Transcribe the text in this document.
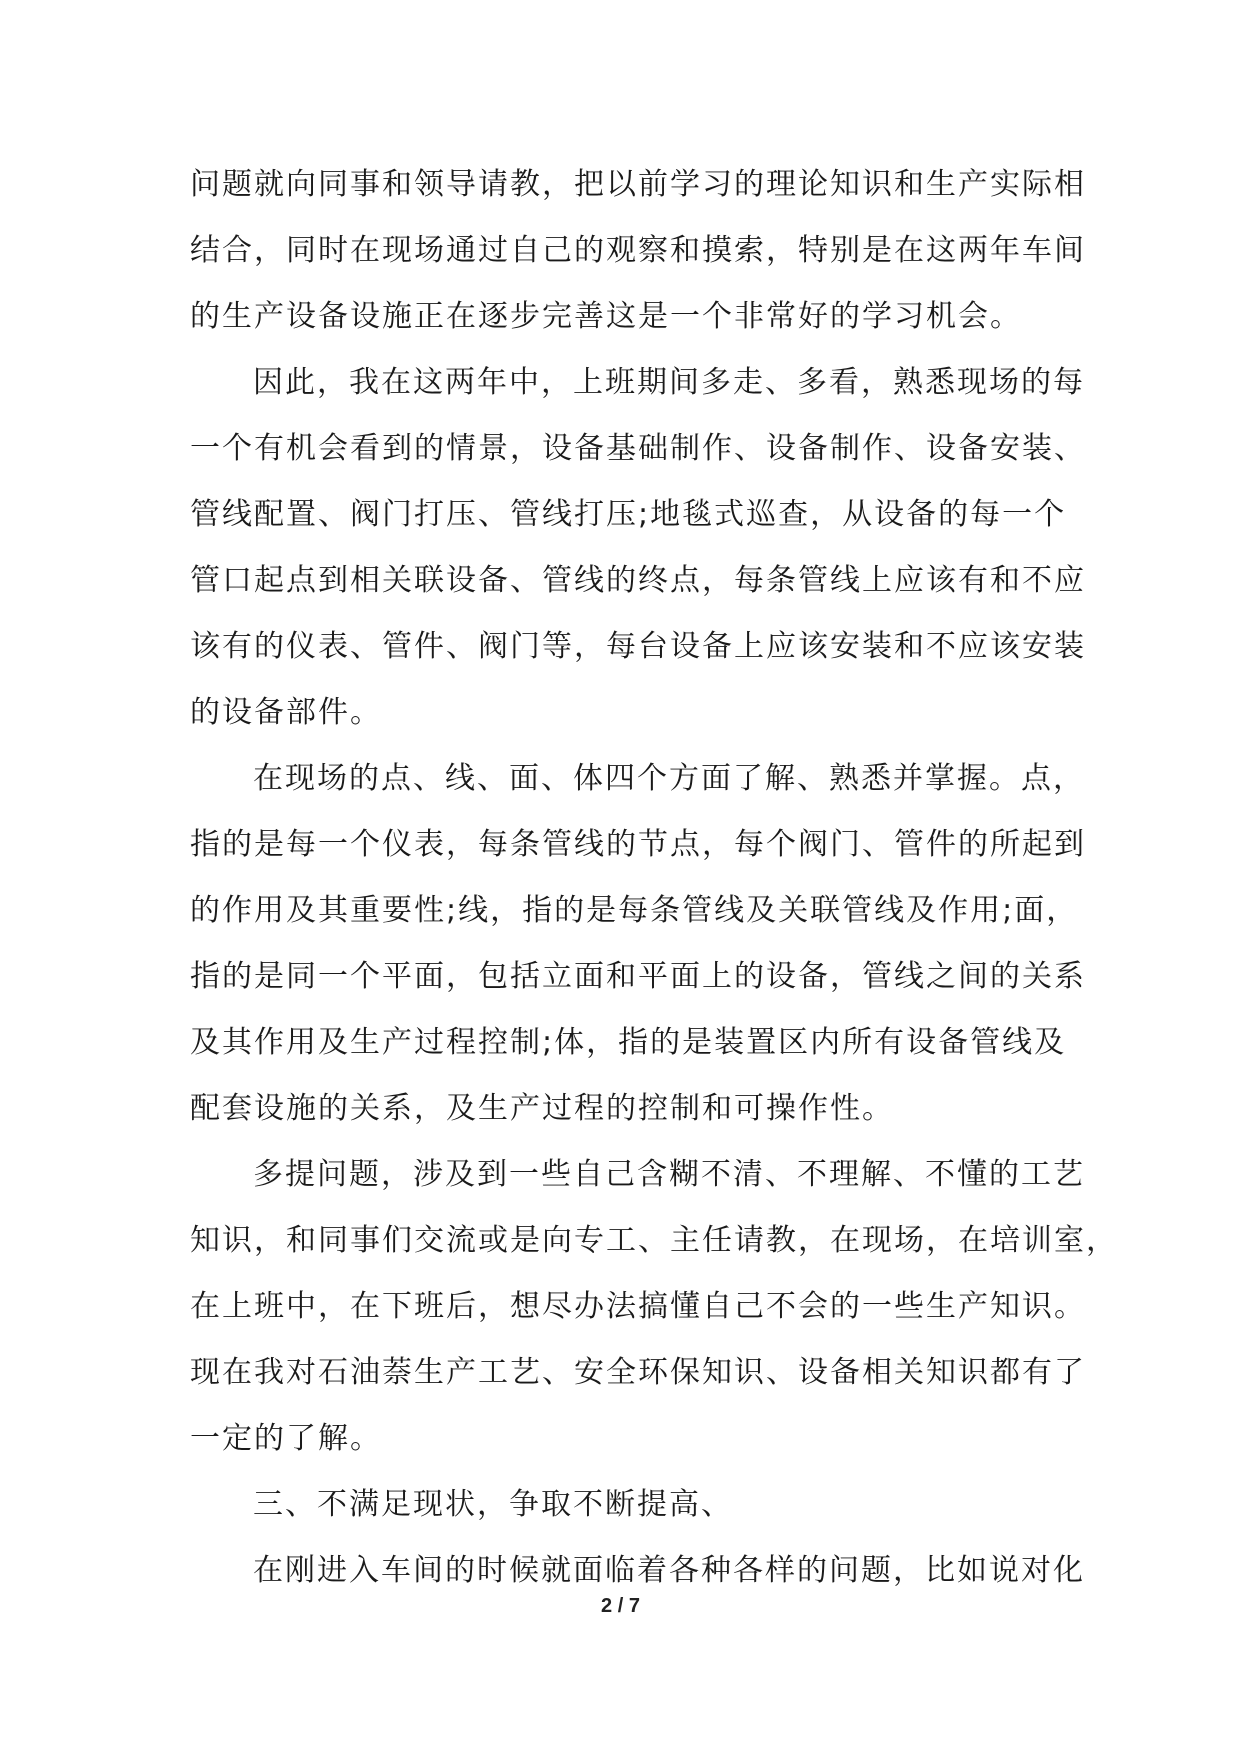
问题就向同事和领导请教，把以前学习的理论知识和生产实际相
结合，同时在现场通过自己的观察和摸索，特别是在这两年车间
的生产设备设施正在逐步完善这是一个非常好的学习机会。
因此，我在这两年中，上班期间多走、多看，熟悉现场的每
一个有机会看到的情景，设备基础制作、设备制作、设备安装、
管线配置、阀门打压、管线打压;地毯式巡查，从设备的每一个
管口起点到相关联设备、管线的终点，每条管线上应该有和不应
该有的仪表、管件、阀门等，每台设备上应该安装和不应该安装
的设备部件。
在现场的点、线、面、体四个方面了解、熟悉并掌握。点，
指的是每一个仪表，每条管线的节点，每个阀门、管件的所起到
的作用及其重要性;线，指的是每条管线及关联管线及作用;面，
指的是同一个平面，包括立面和平面上的设备，管线之间的关系
及其作用及生产过程控制;体，指的是装置区内所有设备管线及
配套设施的关系，及生产过程的控制和可操作性。
多提问题，涉及到一些自己含糊不清、不理解、不懂的工艺
知识，和同事们交流或是向专工、主任请教，在现场，在培训室，
在上班中，在下班后，想尽办法搞懂自己不会的一些生产知识。
现在我对石油萘生产工艺、安全环保知识、设备相关知识都有了
一定的了解。
三、不满足现状，争取不断提高、
在刚进入车间的时候就面临着各种各样的问题，比如说对化
2 / 7
